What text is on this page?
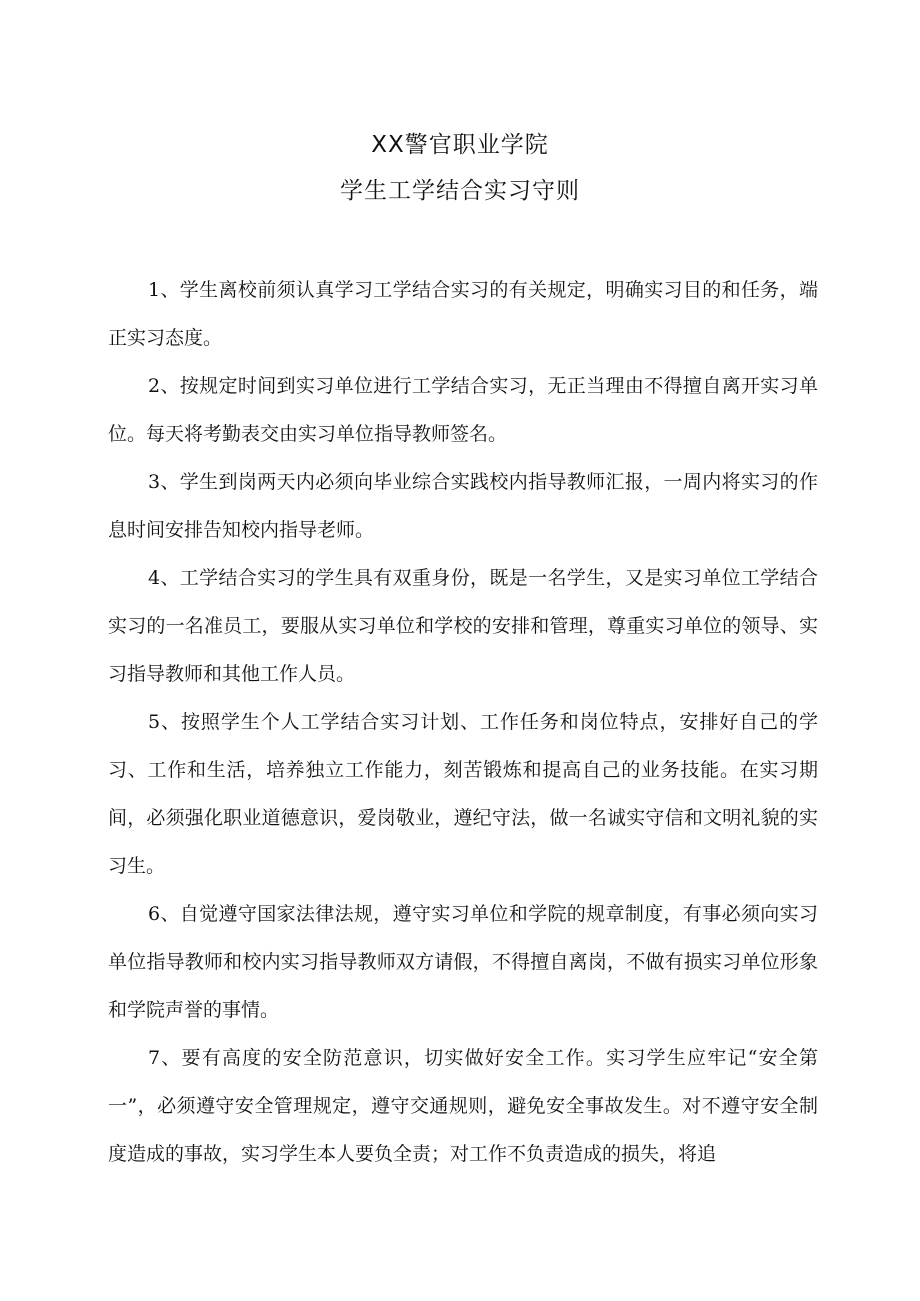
XX警官职业学院
学生工学结合实习守则

1、学生离校前须认真学习工学结合实习的有关规定，明确实习目的和任务，端正实习态度。

2、按规定时间到实习单位进行工学结合实习，无正当理由不得擅自离开实习单位。每天将考勤表交由实习单位指导教师签名。

3、学生到岗两天内必须向毕业综合实践校内指导教师汇报，一周内将实习的作息时间安排告知校内指导老师。

4、工学结合实习的学生具有双重身份，既是一名学生，又是实习单位工学结合实习的一名准员工，要服从实习单位和学校的安排和管理，尊重实习单位的领导、实习指导教师和其他工作人员。

5、按照学生个人工学结合实习计划、工作任务和岗位特点，安排好自己的学习、工作和生活，培养独立工作能力，刻苦锻炼和提高自己的业务技能。在实习期间，必须强化职业道德意识，爱岗敬业，遵纪守法，做一名诚实守信和文明礼貌的实习生。

6、自觉遵守国家法律法规，遵守实习单位和学院的规章制度，有事必须向实习单位指导教师和校内实习指导教师双方请假，不得擅自离岗，不做有损实习单位形象和学院声誉的事情。

7、要有高度的安全防范意识，切实做好安全工作。实习学生应牢记“安全第一”，必须遵守安全管理规定，遵守交通规则，避免安全事故发生。对不遵守安全制度造成的事故，实习学生本人要负全责；对工作不负责造成的损失，将追
